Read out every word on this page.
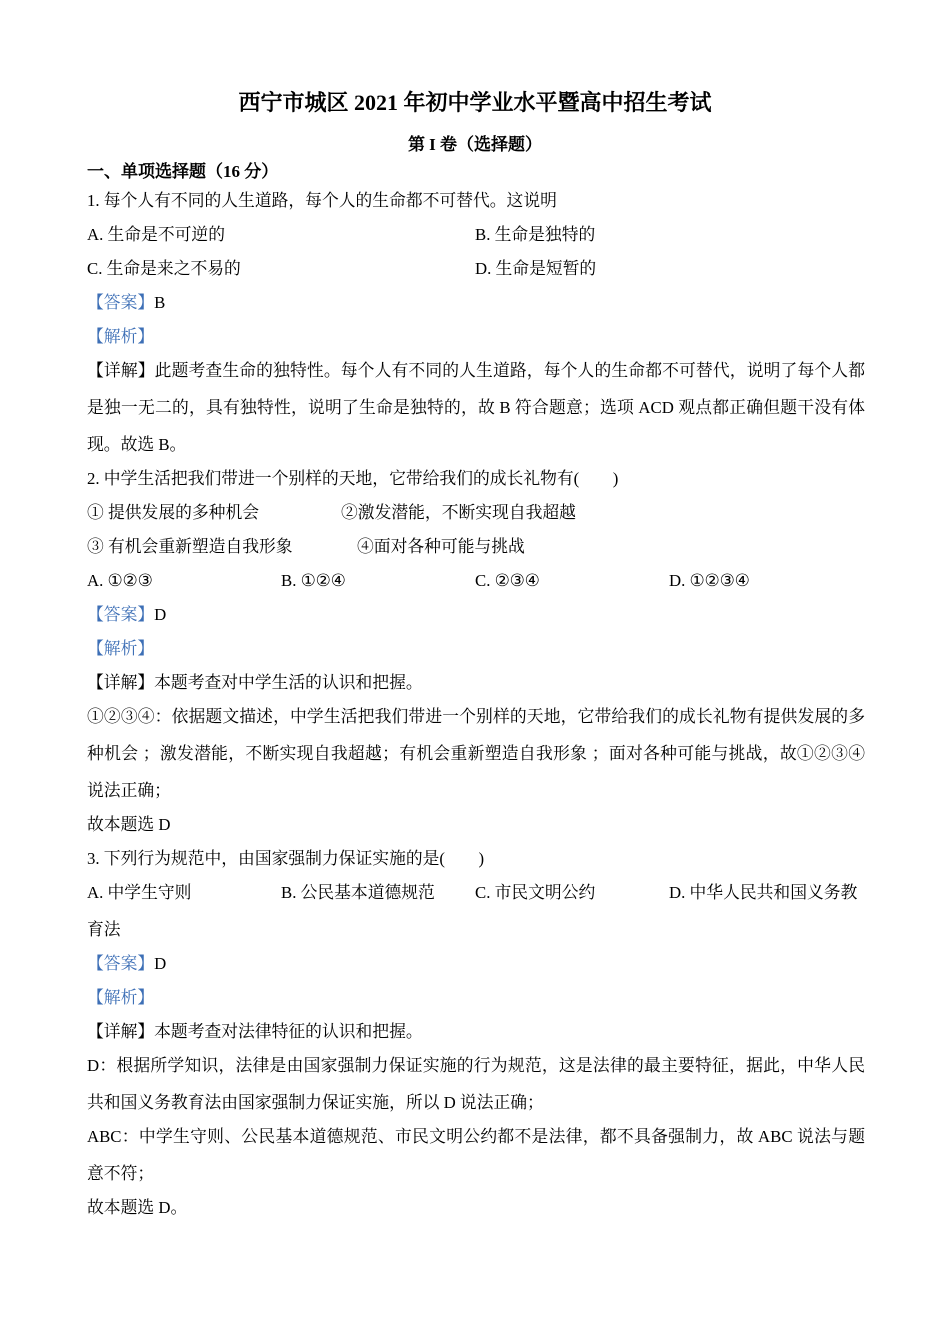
西宁市城区 2021 年初中学业水平暨高中招生考试
第 I 卷（选择题）
一、单项选择题（16 分）

1. 每个人有不同的人生道路，每个人的生命都不可替代。这说明

A. 生命是不可逆的	B. 生命是独特的

C. 生命是来之不易的	D. 生命是短暂的

【答案】B

【解析】

【详解】此题考查生命的独特性。每个人有不同的人生道路，每个人的生命都不可替代，说明了每个人都是独一无二的，具有独特性，说明了生命是独特的，故 B 符合题意；选项 ACD 观点都正确但题干没有体现。故选 B。

2. 中学生活把我们带进一个别样的天地，它带给我们的成长礼物有(　　)

① 提供发展的多种机会	②激发潜能，不断实现自我超越

③ 有机会重新塑造自我形象	④面对各种可能与挑战

A. ①②③	B. ①②④	C. ②③④	D. ①②③④

【答案】D

【解析】

【详解】本题考查对中学生活的认识和把握。

①②③④：依据题文描述，中学生活把我们带进一个别样的天地，它带给我们的成长礼物有提供发展的多种机会 ；激发潜能，不断实现自我超越；有机会重新塑造自我形象 ；面对各种可能与挑战，故①②③④说法正确；

故本题选 D

3. 下列行为规范中，由国家强制力保证实施的是(　　)

A. 中学生守则	B. 公民基本道德规范 C. 市民文明公约	D. 中华人民共和国义务教育法

【答案】D

【解析】

【详解】本题考查对法律特征的认识和把握。

D：根据所学知识，法律是由国家强制力保证实施的行为规范，这是法律的最主要特征，据此，中华人民共和国义务教育法由国家强制力保证实施，所以 D 说法正确；

ABC：中学生守则、公民基本道德规范、市民文明公约都不是法律，都不具备强制力，故 ABC 说法与题意不符；

故本题选 D。
